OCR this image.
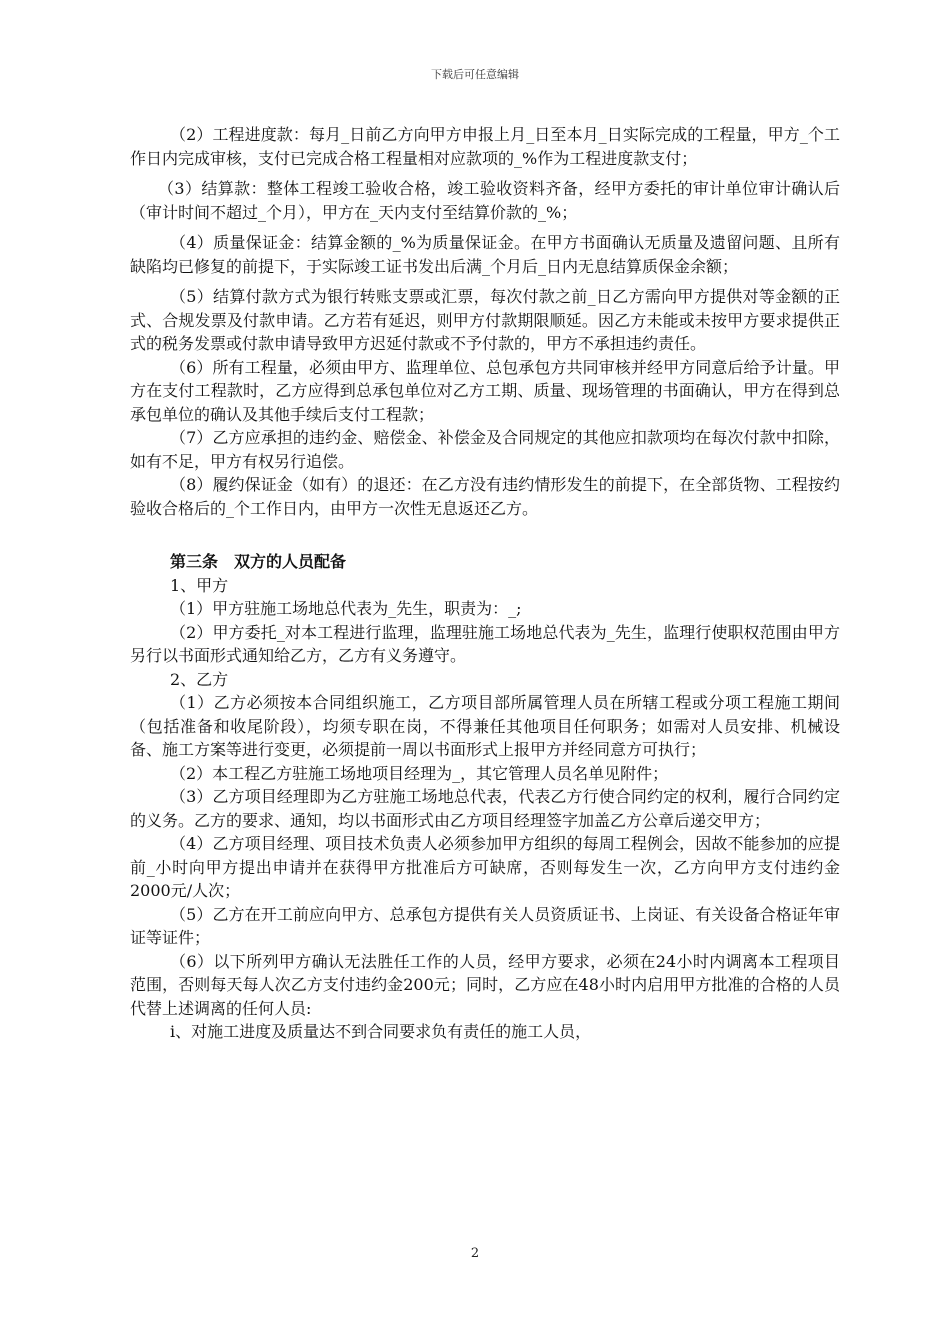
下载后可任意编辑

（2）工程进度款：每月_日前乙方向甲方申报上月_日至本月_日实际完成的工程量，甲方_个工作日内完成审核，支付已完成合格工程量相对应款项的_%作为工程进度款支付；

（3）结算款：整体工程竣工验收合格，竣工验收资料齐备，经甲方委托的审计单位审计确认后（审计时间不超过_个月），甲方在_天内支付至结算价款的_%；

（4）质量保证金：结算金额的_%为质量保证金。在甲方书面确认无质量及遗留问题、且所有缺陷均已修复的前提下，于实际竣工证书发出后满_个月后_日内无息结算质保金余额；

（5）结算付款方式为银行转账支票或汇票，每次付款之前_日乙方需向甲方提供对等金额的正式、合规发票及付款申请。乙方若有延迟，则甲方付款期限顺延。因乙方未能或未按甲方要求提供正式的税务发票或付款申请导致甲方迟延付款或不予付款的，甲方不承担违约责任。

（6）所有工程量，必须由甲方、监理单位、总包承包方共同审核并经甲方同意后给予计量。甲方在支付工程款时，乙方应得到总承包单位对乙方工期、质量、现场管理的书面确认，甲方在得到总承包单位的确认及其他手续后支付工程款；

（7）乙方应承担的违约金、赔偿金、补偿金及合同规定的其他应扣款项均在每次付款中扣除，如有不足，甲方有权另行追偿。

（8）履约保证金（如有）的退还：在乙方没有违约情形发生的前提下，在全部货物、工程按约验收合格后的_个工作日内，由甲方一次性无息返还乙方。

第三条　双方的人员配备

1、甲方

（1）甲方驻施工场地总代表为_先生，职责为：_;

（2）甲方委托_对本工程进行监理，监理驻施工场地总代表为_先生，监理行使职权范围由甲方另行以书面形式通知给乙方，乙方有义务遵守。

2、乙方

（1）乙方必须按本合同组织施工，乙方项目部所属管理人员在所辖工程或分项工程施工期间（包括准备和收尾阶段），均须专职在岗，不得兼任其他项目任何职务；如需对人员安排、机械设备、施工方案等进行变更，必须提前一周以书面形式上报甲方并经同意方可执行；

（2）本工程乙方驻施工场地项目经理为_，其它管理人员名单见附件；

（3）乙方项目经理即为乙方驻施工场地总代表，代表乙方行使合同约定的权利，履行合同约定的义务。乙方的要求、通知，均以书面形式由乙方项目经理签字加盖乙方公章后递交甲方；

（4）乙方项目经理、项目技术负责人必须参加甲方组织的每周工程例会，因故不能参加的应提前_小时向甲方提出申请并在获得甲方批准后方可缺席，否则每发生一次，乙方向甲方支付违约金2000元/人次；

（5）乙方在开工前应向甲方、总承包方提供有关人员资质证书、上岗证、有关设备合格证年审证等证件；

（6）以下所列甲方确认无法胜任工作的人员，经甲方要求，必须在24小时内调离本工程项目范围，否则每天每人次乙方支付违约金200元；同时，乙方应在48小时内启用甲方批准的合格的人员代替上述调离的任何人员:

i、对施工进度及质量达不到合同要求负有责任的施工人员，

2
